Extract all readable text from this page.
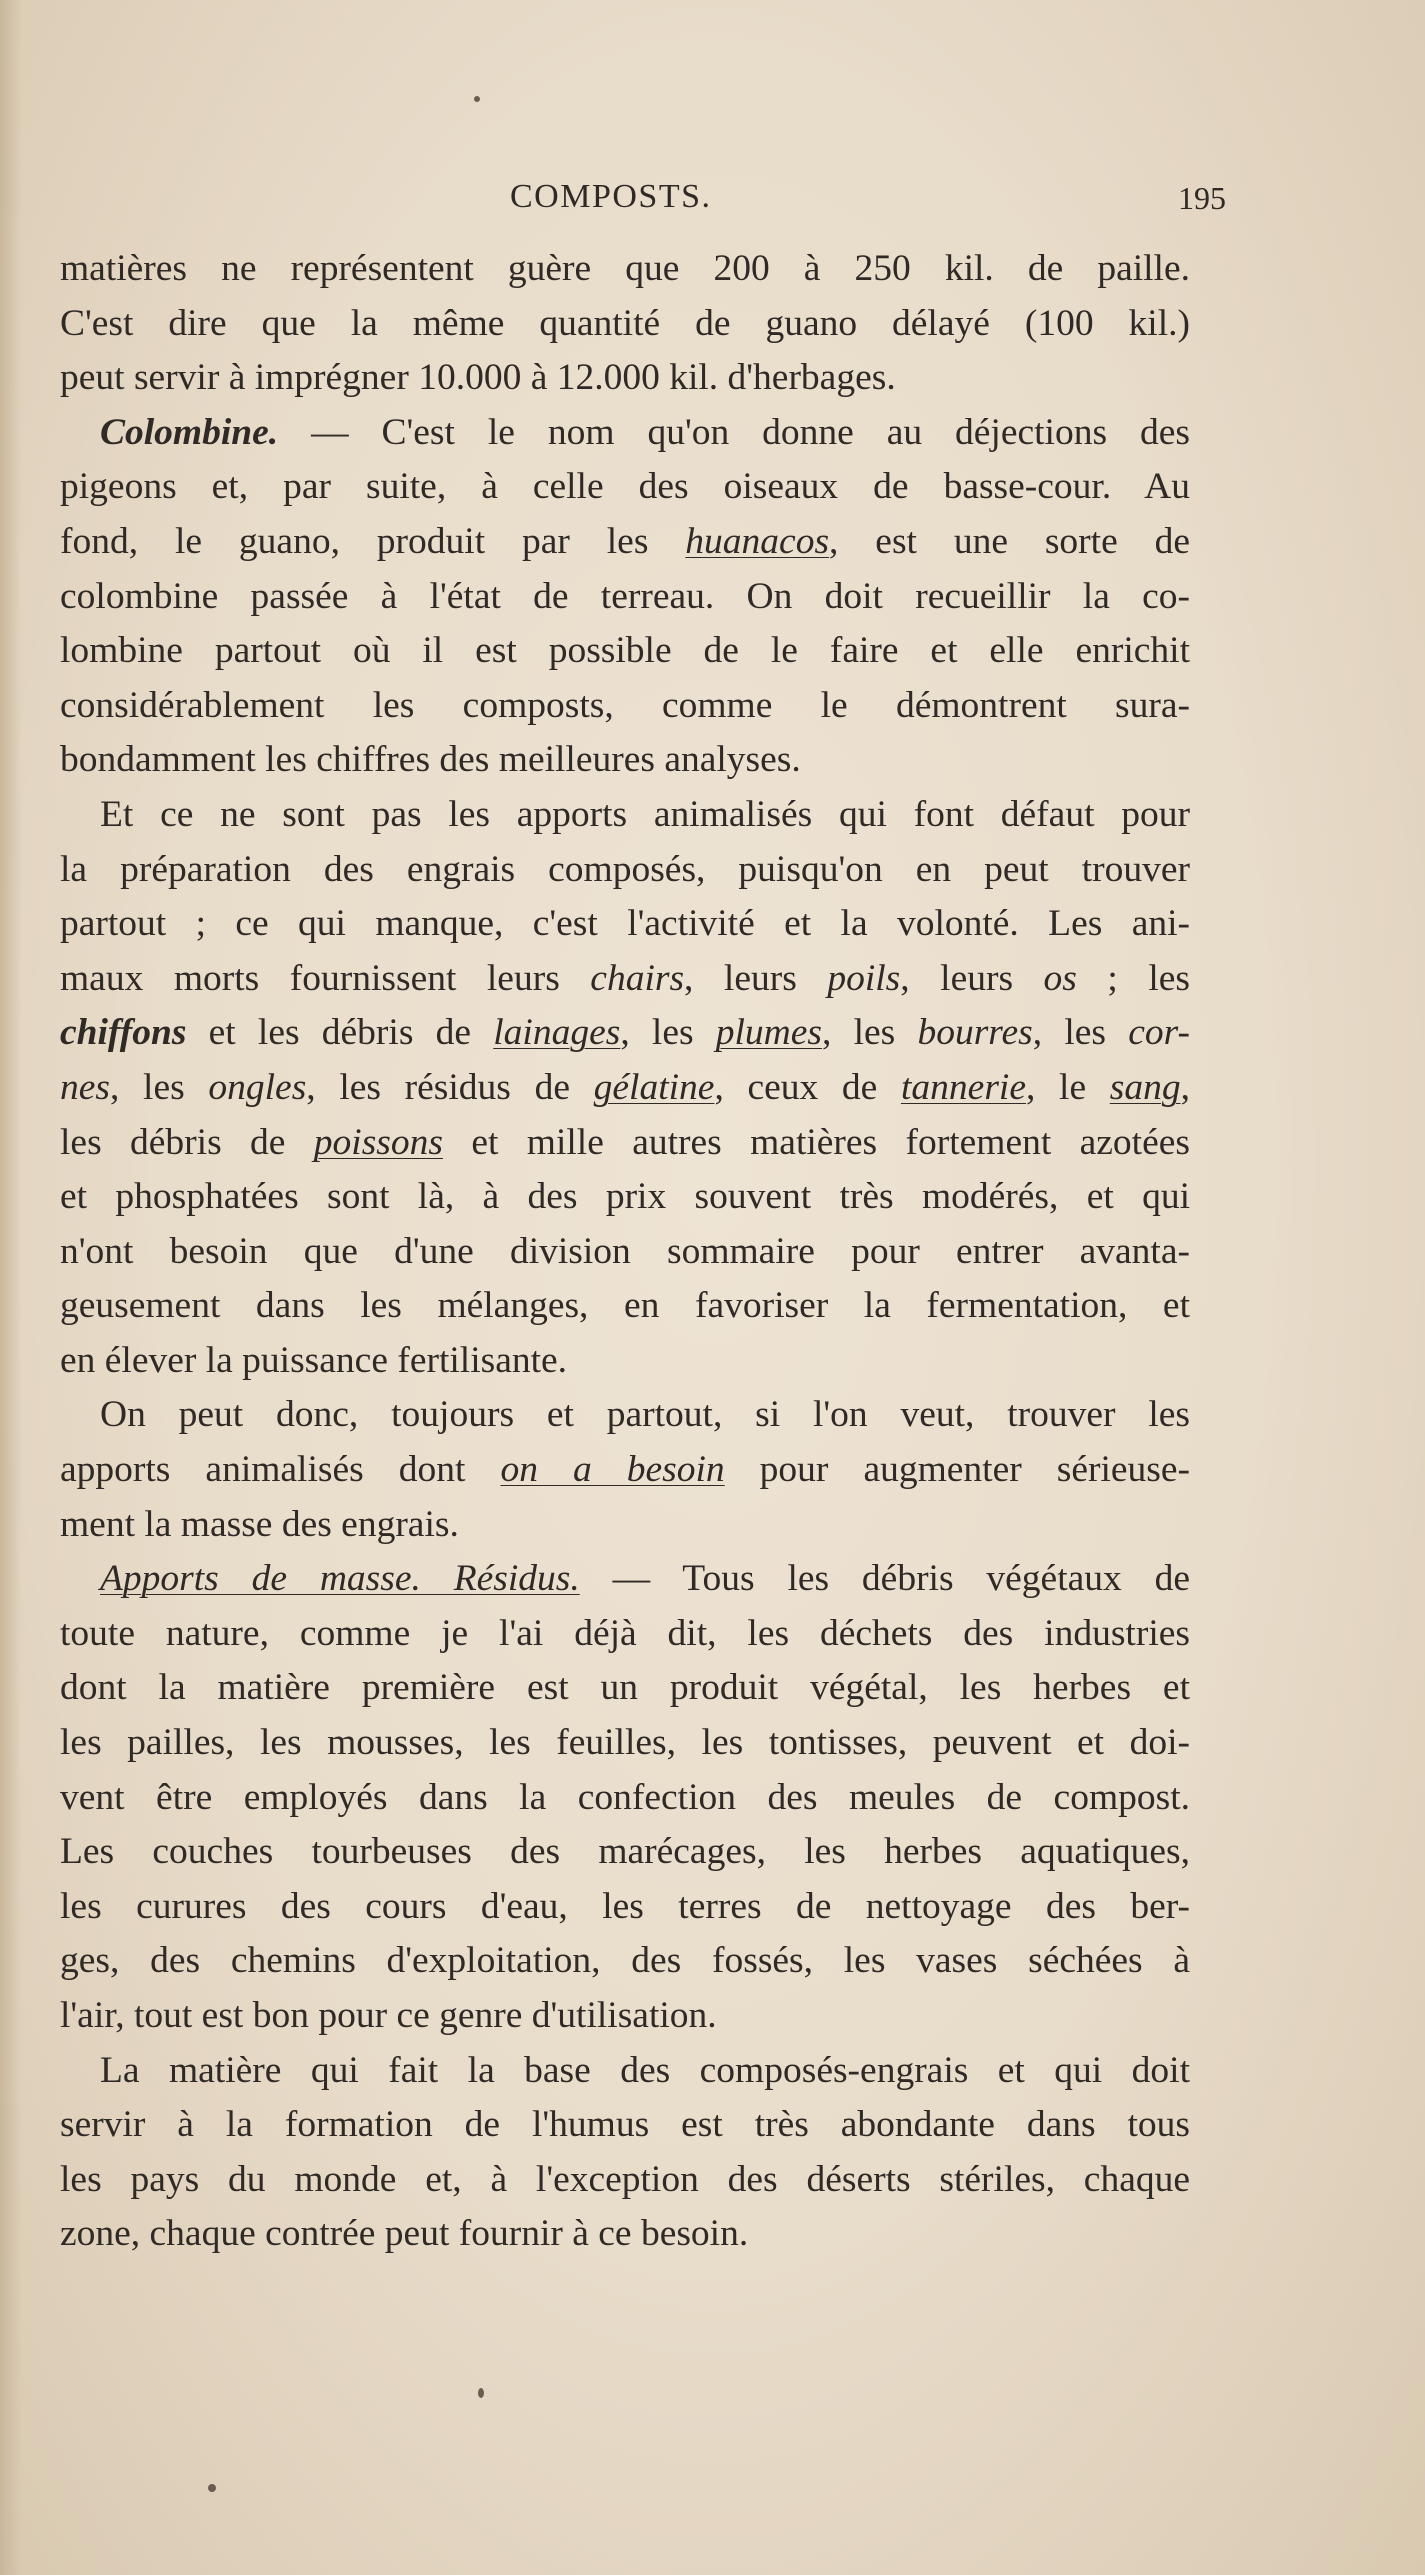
COMPOSTS.	195
matières ne représentent guère que 200 à 250 kil. de paille.
C'est dire que la même quantité de guano délayé (100 kil.)
peut servir à imprégner 10.000 à 12.000 kil. d'herbages.
Colombine. — C'est le nom qu'on donne au déjections des
pigeons et, par suite, à celle des oiseaux de basse-cour. Au
fond, le guano, produit par les huanacos, est une sorte de
colombine passée à l'état de terreau. On doit recueillir la co-
lombine partout où il est possible de le faire et elle enrichit
considérablement les composts, comme le démontrent sura-
bondamment les chiffres des meilleures analyses.
Et ce ne sont pas les apports animalisés qui font défaut pour
la préparation des engrais composés, puisqu'on en peut trouver
partout ; ce qui manque, c'est l'activité et la volonté. Les ani-
maux morts fournissent leurs chairs, leurs poils, leurs os ; les
chiffons et les débris de lainages, les plumes, les bourres, les cor-
nes, les ongles, les résidus de gélatine, ceux de tannerie, le sang,
les débris de poissons et mille autres matières fortement azotées
et phosphatées sont là, à des prix souvent très modérés, et qui
n'ont besoin que d'une division sommaire pour entrer avanta-
geusement dans les mélanges, en favoriser la fermentation, et
en élever la puissance fertilisante.
On peut donc, toujours et partout, si l'on veut, trouver les
apports animalisés dont on a besoin pour augmenter sérieuse-
ment la masse des engrais.
Apports de masse. Résidus. — Tous les débris végétaux de
toute nature, comme je l'ai déjà dit, les déchets des industries
dont la matière première est un produit végétal, les herbes et
les pailles, les mousses, les feuilles, les tontisses, peuvent et doi-
vent être employés dans la confection des meules de compost.
Les couches tourbeuses des marécages, les herbes aquatiques,
les curures des cours d'eau, les terres de nettoyage des ber-
ges, des chemins d'exploitation, des fossés, les vases séchées à
l'air, tout est bon pour ce genre d'utilisation.
La matière qui fait la base des composés-engrais et qui doit
servir à la formation de l'humus est très abondante dans tous
les pays du monde et, à l'exception des déserts stériles, chaque
zone, chaque contrée peut fournir à ce besoin.
